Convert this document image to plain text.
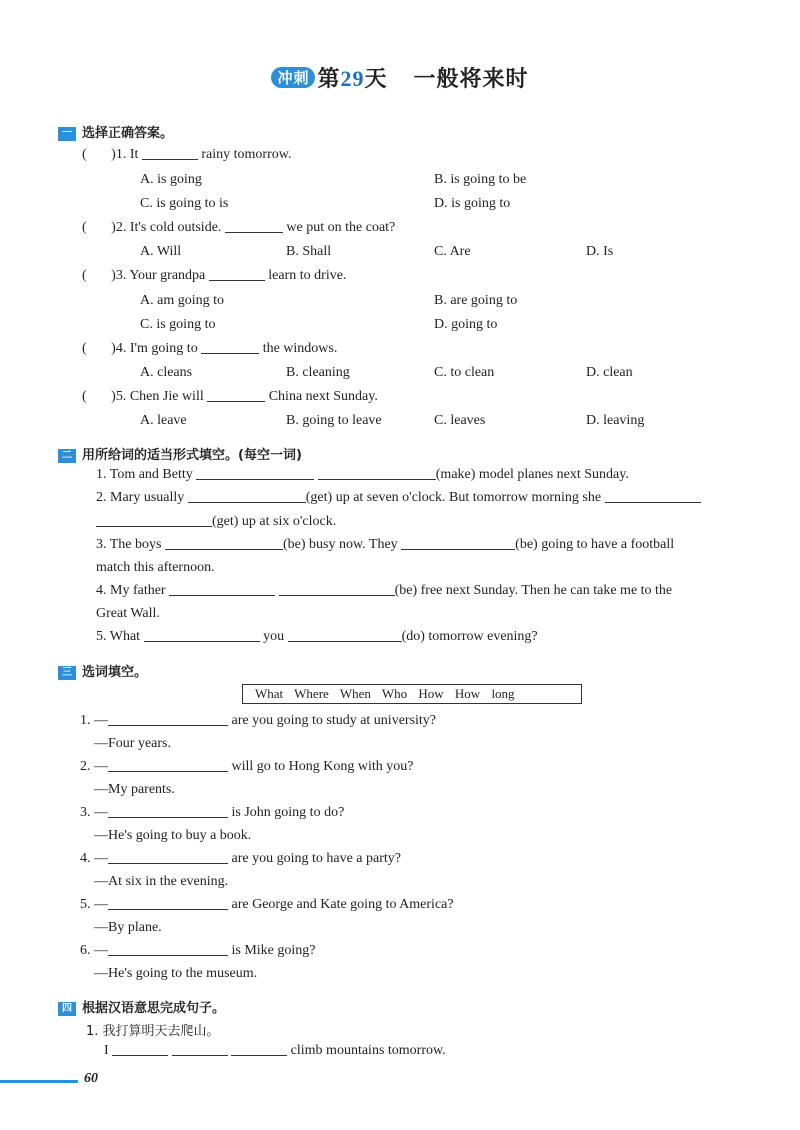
冲刺 第29天 一般将来时
一 选择正确答案。
(       )1. It	rainy tomorrow.
A. is going	B. is going to be
C. is going to is	D. is going to
(       )2. It's cold outside.	we put on the coat?
A. Will	B. Shall	C. Are	D. Is
(       )3. Your grandpa	learn to drive.
A. am going to	B. are going to
C. is going to	D. going to
(       )4. I'm going to	the windows.
A. cleans	B. cleaning	C. to clean	D. clean
(       )5. Chen Jie will	China next Sunday.
A. leave	B. going to leave	C. leaves	D. leaving
二 用所给词的适当形式填空。(每空一词)
1. Tom and Betty	(make) model planes next Sunday.
2. Mary usually	(get) up at seven o'clock. But tomorrow morning she
(get) up at six o'clock.
3. The boys	(be) busy now. They	(be) going to have a football
match this afternoon.
4. My father	(be) free next Sunday. Then he can take me to the
Great Wall.
5. What	you	(do) tomorrow evening?
三 选词填空。
What Where When Who How How long
1. —	are you going to study at university?
—Four years.
2. —	will go to Hong Kong with you?
—My parents.
3. —	is John going to do?
—He's going to buy a book.
4. —	are you going to have a party?
—At six in the evening.
5. —	are George and Kate going to America?
—By plane.
6. —	is Mike going?
—He's going to the museum.
四 根据汉语意思完成句子。
1. 我打算明天去爬山。
I	climb mountains tomorrow.
60
